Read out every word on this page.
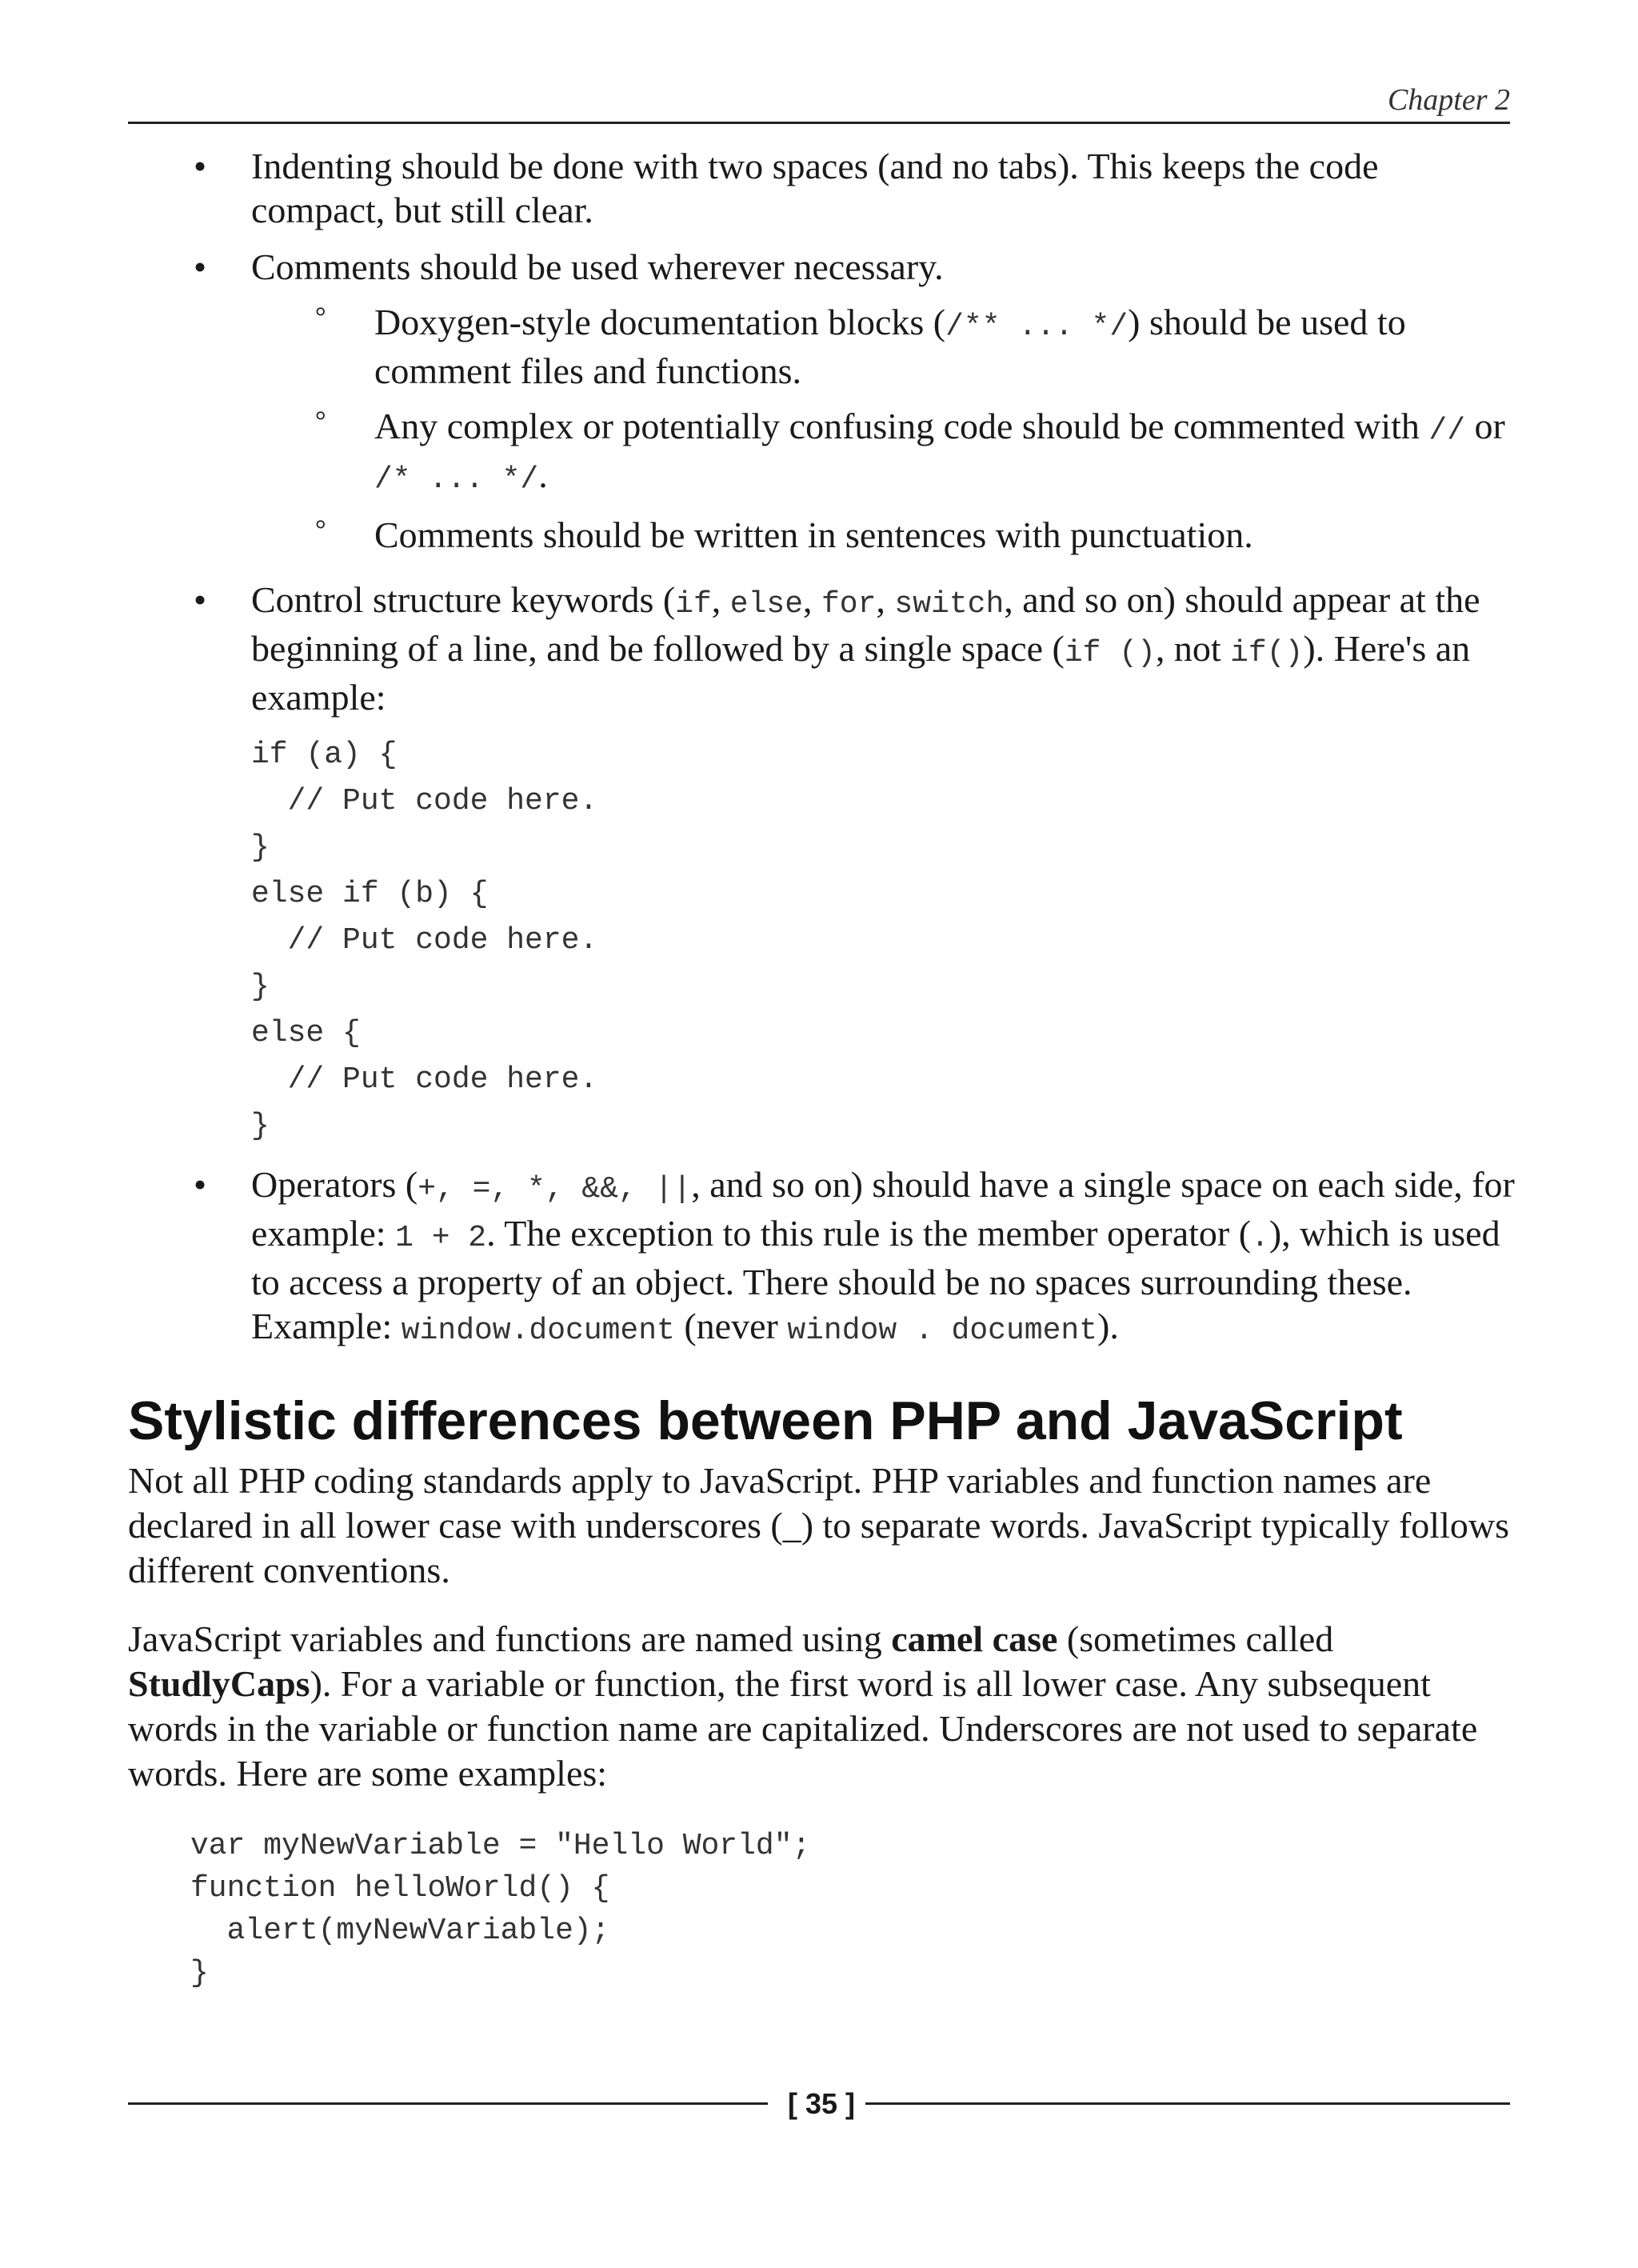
Chapter 2
• Indenting should be done with two spaces (and no tabs). This keeps the code compact, but still clear.
• Comments should be used wherever necessary.
° Doxygen-style documentation blocks (/** ... */) should be used to comment files and functions.
° Any complex or potentially confusing code should be commented with // or /* ... */.
° Comments should be written in sentences with punctuation.
• Control structure keywords (if, else, for, switch, and so on) should appear at the beginning of a line, and be followed by a single space (if (), not if()). Here's an example:
if (a) {
// Put code here.
}
else if (b) {
// Put code here.
}
else {
// Put code here.
}
• Operators (+, =, *, &&, ||, and so on) should have a single space on each side, for example: 1 + 2. The exception to this rule is the member operator (.), which is used to access a property of an object. There should be no spaces surrounding these. Example: window.document (never window . document).
Stylistic differences between PHP and JavaScript

Not all PHP coding standards apply to JavaScript. PHP variables and function names are declared in all lower case with underscores (_) to separate words. JavaScript typically follows different conventions.

JavaScript variables and functions are named using camel case (sometimes called StudlyCaps). For a variable or function, the first word is all lower case. Any subsequent words in the variable or function name are capitalized. Underscores are not used to separate words. Here are some examples:

var myNewVariable = "Hello World";
function helloWorld() {
alert(myNewVariable);
}
[ 35 ]
